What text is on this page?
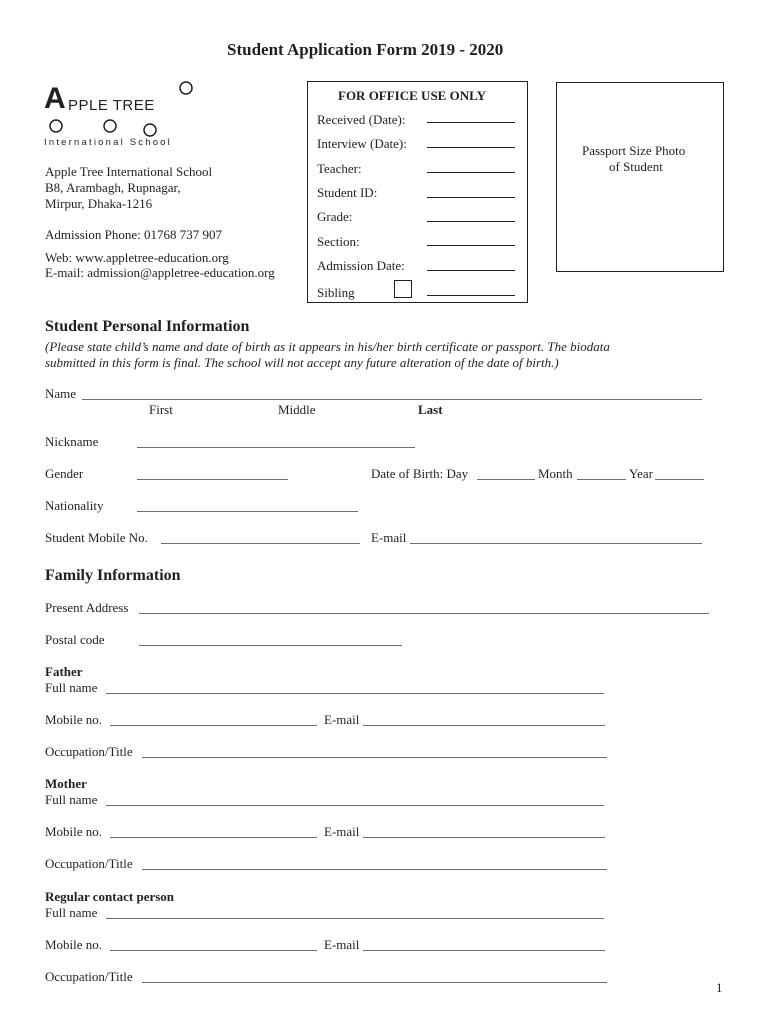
Student Application Form 2019 - 2020
A PPLE TREE
International School
Apple Tree International School
B8, Arambagh, Rupnagar,
Mirpur, Dhaka-1216
Admission Phone: 01768 737 907
Web: www.appletree-education.org
E-mail: admission@appletree-education.org
FOR OFFICE USE ONLY
Received (Date):
Interview (Date):
Teacher:
Student ID:
Grade:
Section:
Admission Date:
Sibling
Passport Size Photo
of Student
Student Personal Information
(Please state child’s name and date of birth as it appears in his/her birth certificate or passport. The biodata
submitted in this form is final. The school will not accept any future alteration of the date of birth.)
Name
First	Middle	Last
Nickname
Gender	Date of Birth: Day	Month	Year
Nationality
Student Mobile No.	E-mail
Family Information
Present Address
Postal code
Father
Full name
Mobile no.	E-mail
Occupation/Title
Mother
Full name
Mobile no.	E-mail
Occupation/Title
Regular contact person
Full name
Mobile no.	E-mail
Occupation/Title
1
